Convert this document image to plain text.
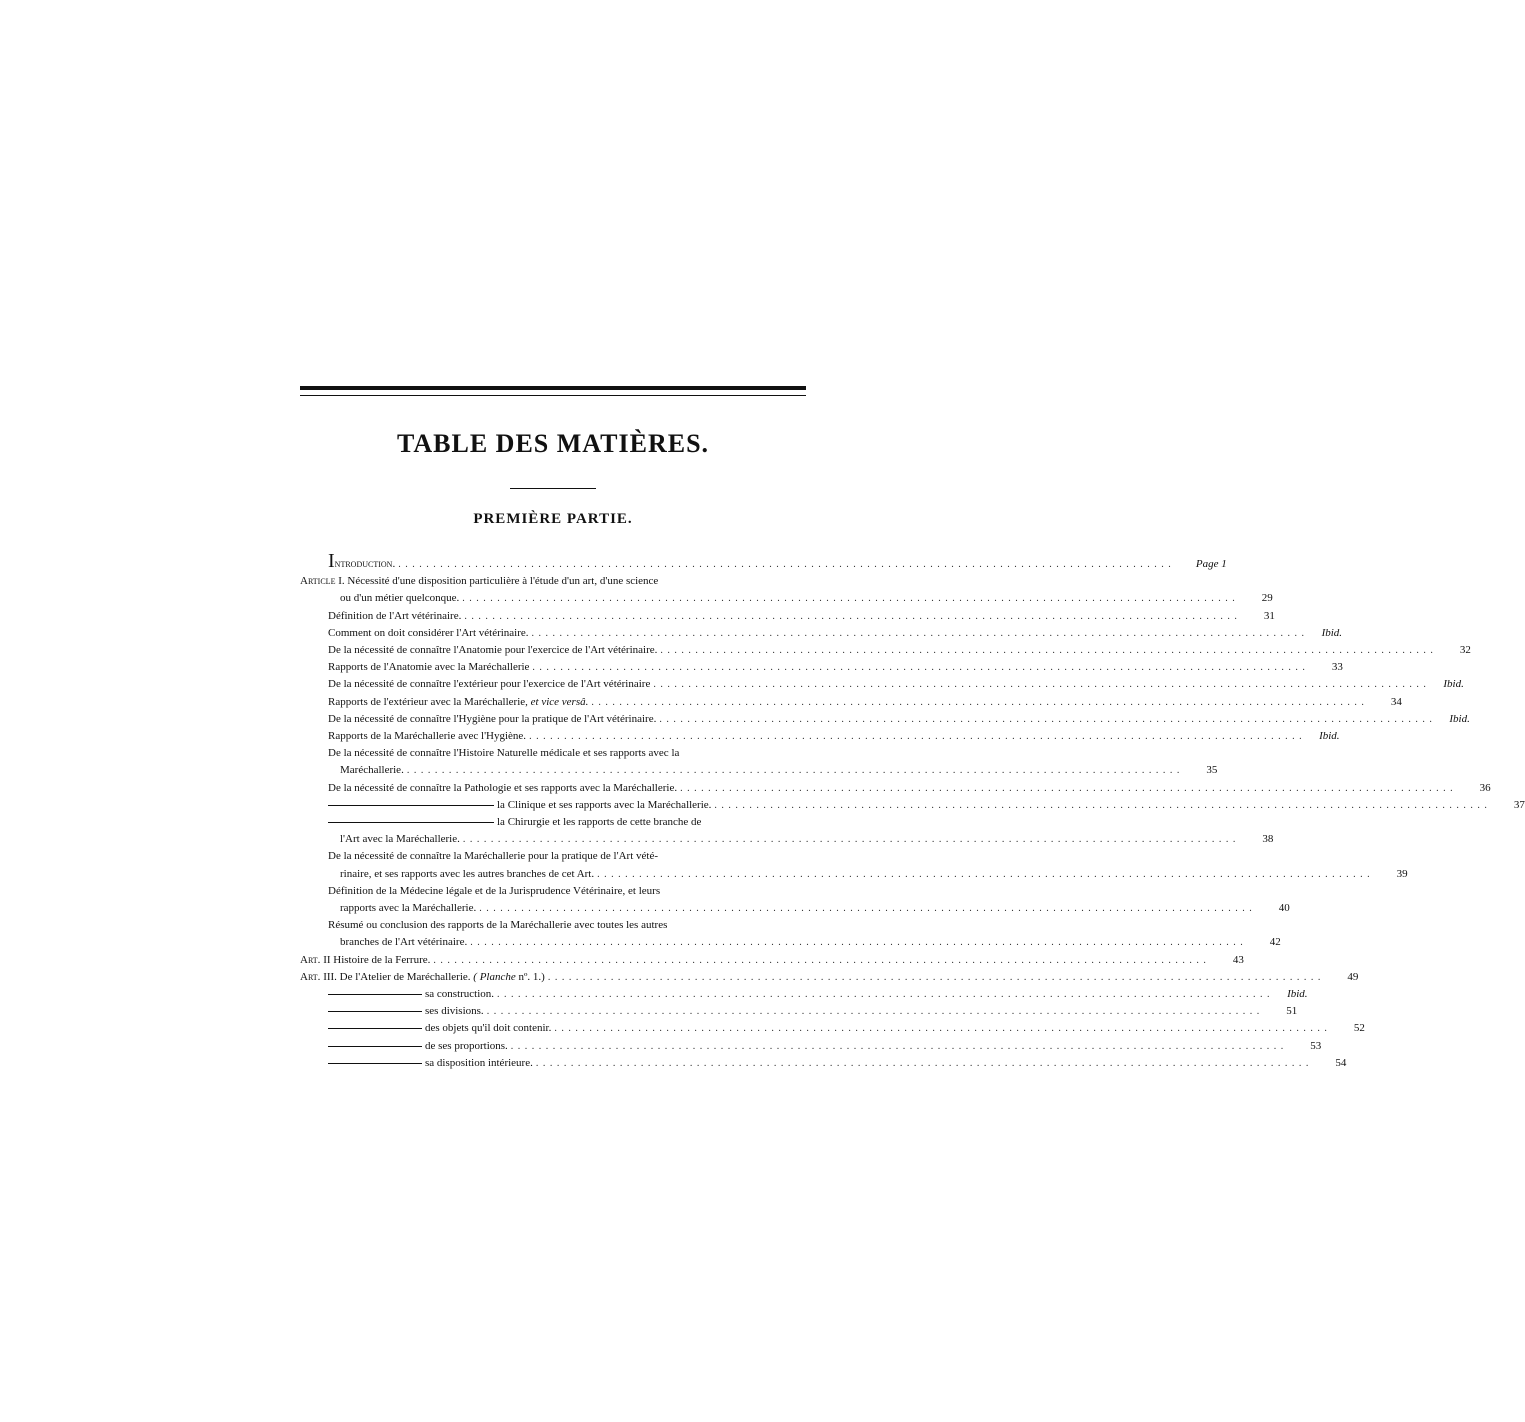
TABLE DES MATIÈRES.
PREMIÈRE PARTIE.
Introduction. . . .	Page 1
Article I. Nécessité d'une disposition particulière à l'étude d'un art, d'une science
ou d'un métier quelconque. . . .	29
Définition de l'Art vétérinaire. . . .	31
Comment on doit considérer l'Art vétérinaire. . . .	Ibid.
De la nécessité de connaître l'Anatomie pour l'exercice de l'Art vétérinaire. . . .	32
Rapports de l'Anatomie avec la Maréchallerie . . .	33
De la nécessité de connaître l'extérieur pour l'exercice de l'Art vétérinaire . . .	Ibid.
Rapports de l'extérieur avec la Maréchallerie, et vice versâ. . . .	34
De la nécessité de connaître l'Hygiène pour la pratique de l'Art vétérinaire. . . .	Ibid.
Rapports de la Maréchallerie avec l'Hygiène. . . .	Ibid.
De la nécessité de connaître l'Histoire Naturelle médicale et ses rapports avec la
Maréchallerie. . . .	35
De la nécessité de connaître la Pathologie et ses rapports avec la Maréchallerie. . . .	36
la Clinique et ses rapports avec la Maréchallerie. . . .	37
la Chirurgie et les rapports de cette branche de
l'Art avec la Maréchallerie. . . .	38
De la nécessité de connaître la Maréchallerie pour la pratique de l'Art vété-
rinaire, et ses rapports avec les autres branches de cet Art. . . .	39
Définition de la Médecine légale et de la Jurisprudence Vétérinaire, et leurs
rapports avec la Maréchallerie. . . .	40
Résumé ou conclusion des rapports de la Maréchallerie avec toutes les autres
branches de l'Art vétérinaire. . . .	42
Art. II Histoire de la Ferrure. . . .	43
Art. III. De l'Atelier de Maréchallerie. ( Planche nº. 1.) . . .	49
sa construction. . . .	Ibid.
ses divisions. . . .	51
des objets qu'il doit contenir. . . .	52
de ses proportions. . . .	53
sa disposition intérieure. . . .	54
